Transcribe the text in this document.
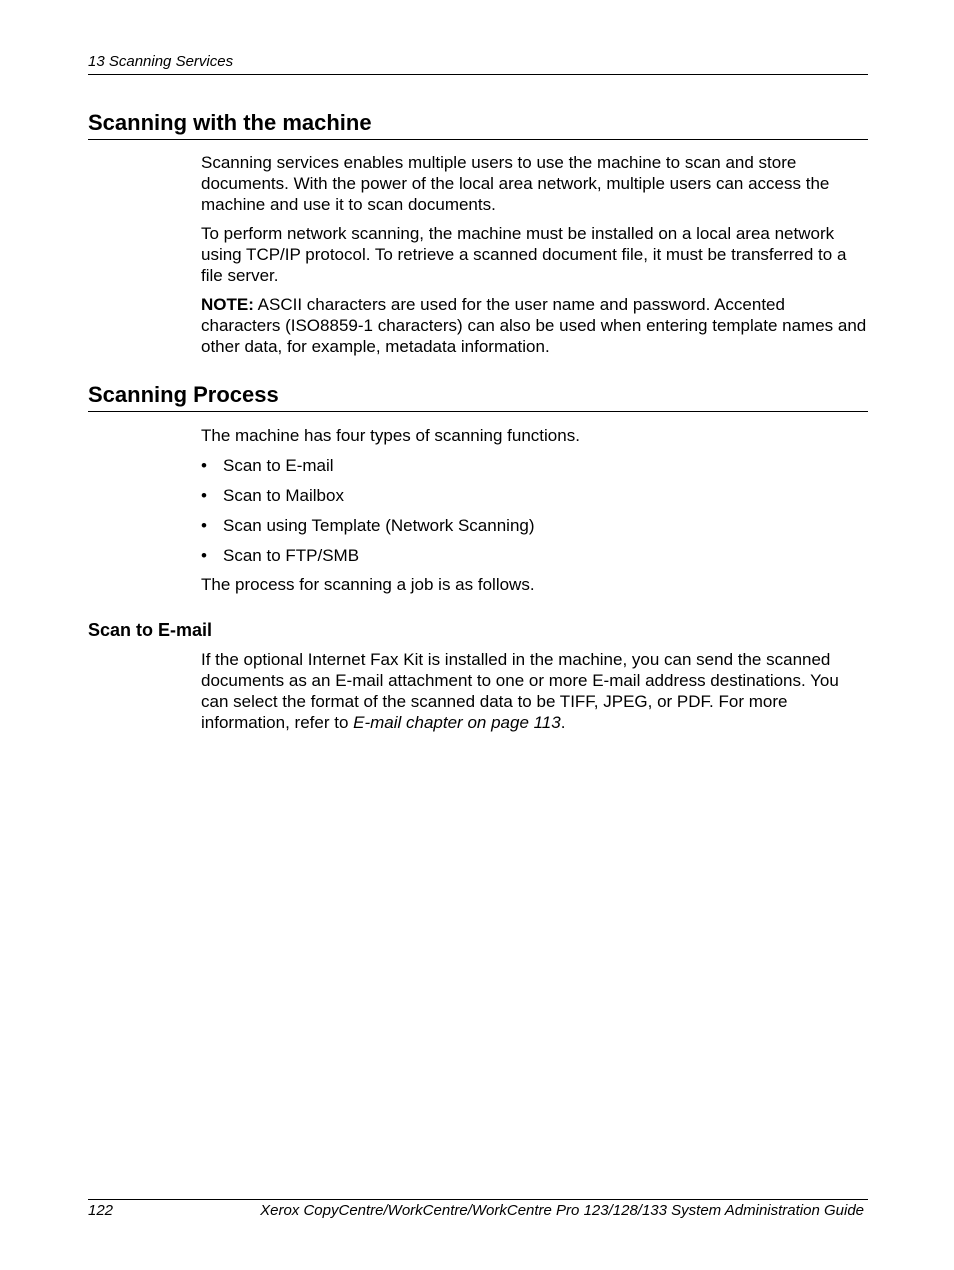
13 Scanning Services
Scanning with the machine

Scanning services enables multiple users to use the machine to scan and store documents. With the power of the local area network, multiple users can access the machine and use it to scan documents.

To perform network scanning, the machine must be installed on a local area network using TCP/IP protocol. To retrieve a scanned document file, it must be transferred to a file server.

NOTE: ASCII characters are used for the user name and password. Accented characters (ISO8859-1 characters) can also be used when entering template names and other data, for example, metadata information.

Scanning Process

The machine has four types of scanning functions.

• Scan to E-mail
• Scan to Mailbox
• Scan using Template (Network Scanning)
• Scan to FTP/SMB

The process for scanning a job is as follows.

Scan to E-mail

If the optional Internet Fax Kit is installed in the machine, you can send the scanned documents as an E-mail attachment to one or more E-mail address destinations. You can select the format of the scanned data to be TIFF, JPEG, or PDF. For more information, refer to E-mail chapter on page 113.

122	Xerox CopyCentre/WorkCentre/WorkCentre Pro 123/128/133 System Administration Guide
